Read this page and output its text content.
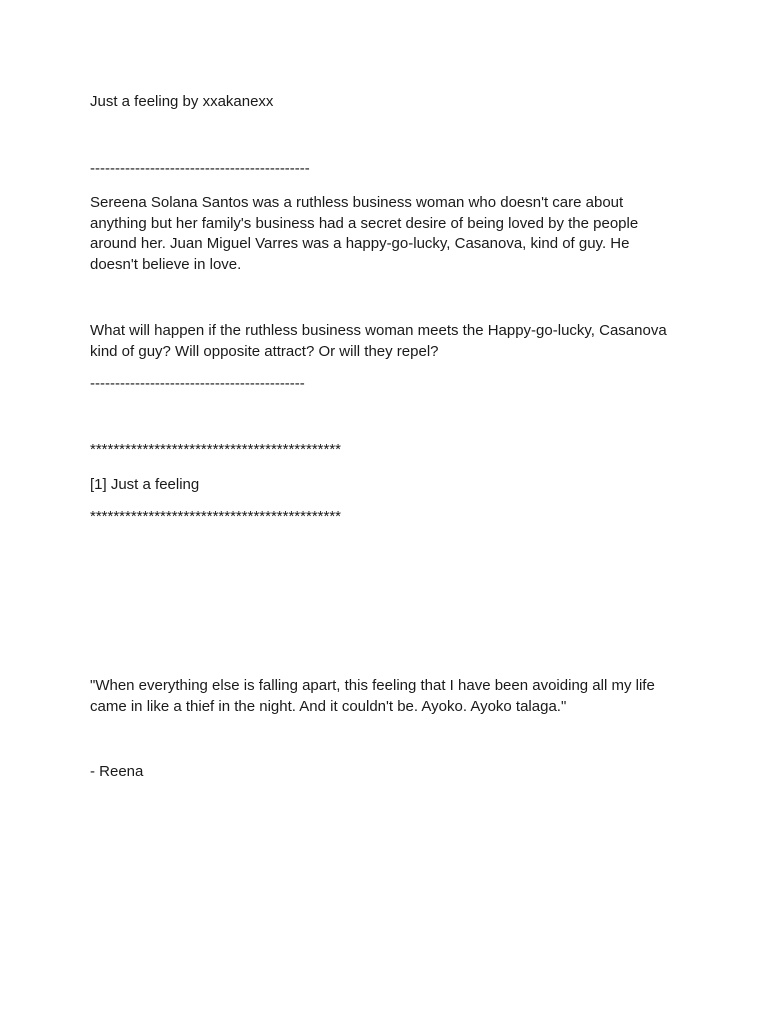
Just a feeling by xxakanexx
--------------------------------------------
Sereena Solana Santos was a ruthless business woman who doesn't care about
anything but her family's business had a secret desire of being loved by the people
around her. Juan Miguel Varres was a happy-go-lucky, Casanova, kind of guy. He
doesn't believe in love.
What will happen if the ruthless business woman meets the Happy-go-lucky, Casanova
kind of guy? Will opposite attract? Or will they repel?
-------------------------------------------
*******************************************
[1] Just a feeling
*******************************************
"When everything else is falling apart, this feeling that I have been avoiding all my life
came in like a thief in the night. And it couldn't be. Ayoko. Ayoko talaga."
- Reena
